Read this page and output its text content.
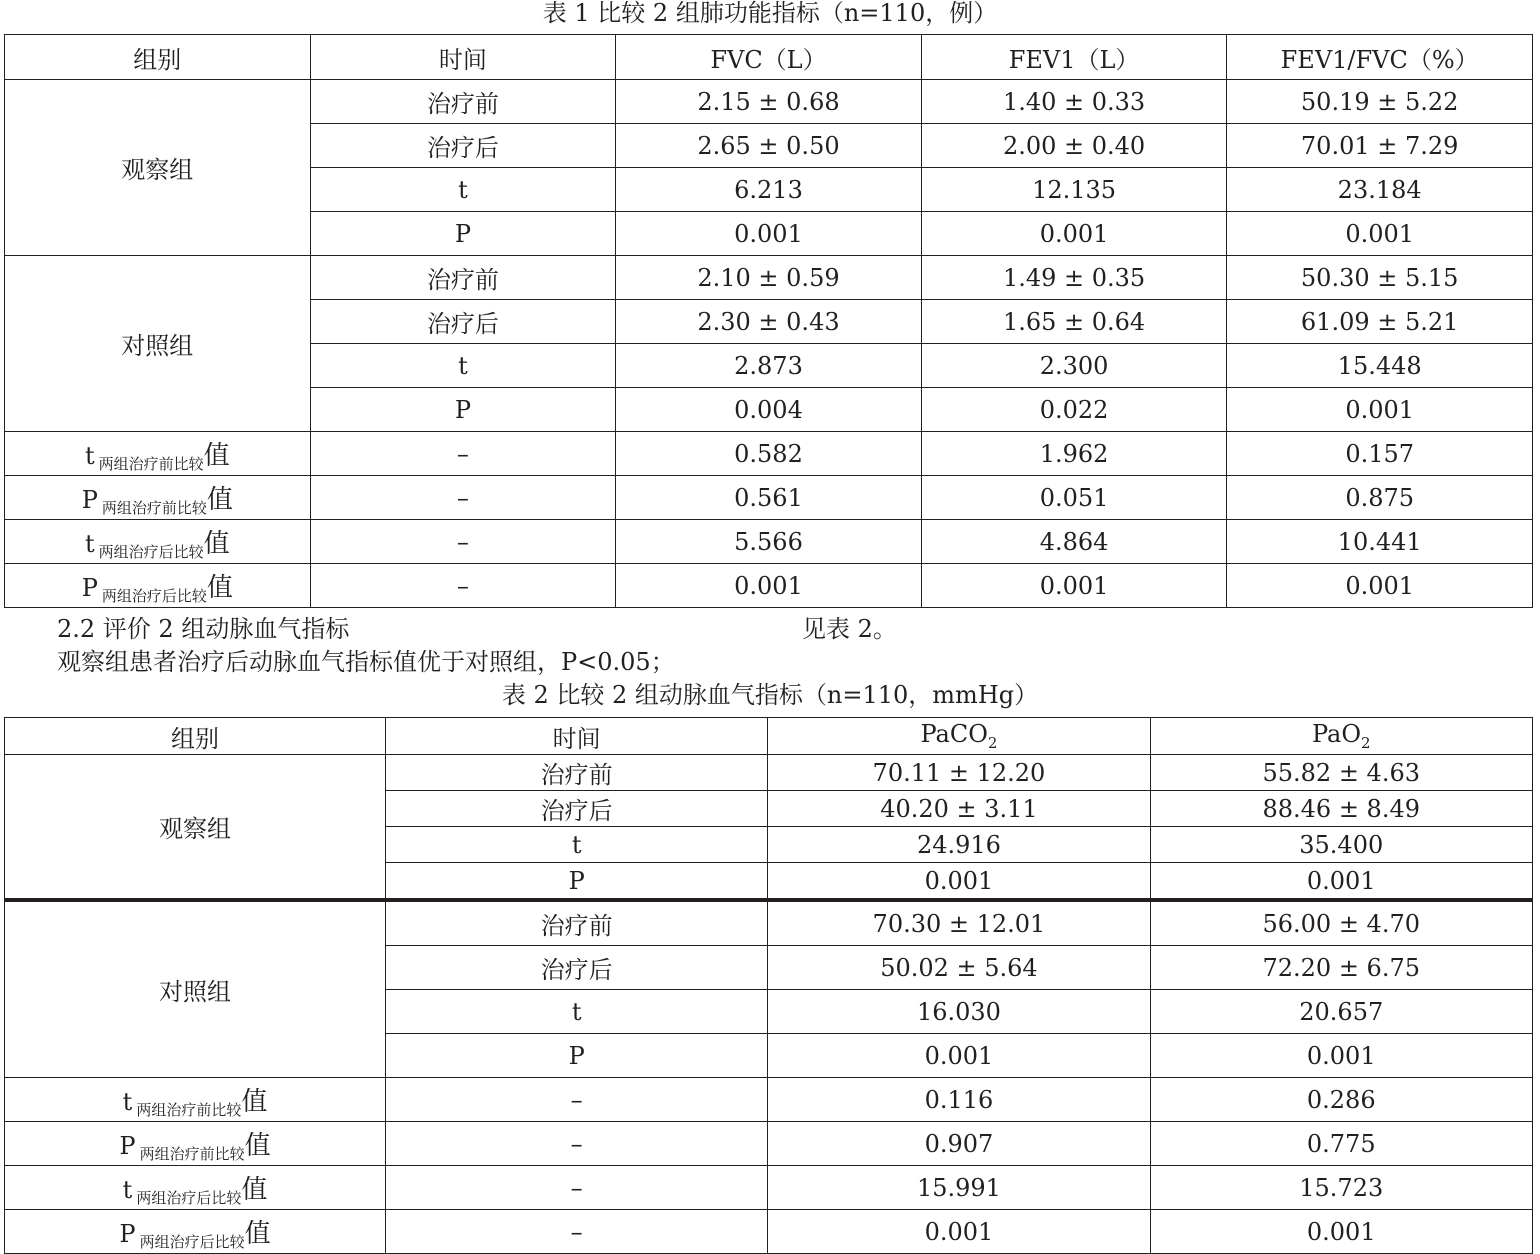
表 1 比较 2 组肺功能指标（n=110，例）
组别	时间	FVC（L）	FEV1（L）	FEV1/FVC（%）
观察组	治疗前	2.15 ± 0.68	1.40 ± 0.33	50.19 ± 5.22
	治疗后	2.65 ± 0.50	2.00 ± 0.40	70.01 ± 7.29
	t	6.213	12.135	23.184
	P	0.001	0.001	0.001
对照组	治疗前	2.10 ± 0.59	1.49 ± 0.35	50.30 ± 5.15
	治疗后	2.30 ± 0.43	1.65 ± 0.64	61.09 ± 5.21
	t	2.873	2.300	15.448
	P	0.004	0.022	0.001
t $_{两组治疗前比较}$值	–	0.582	1.962	0.157
P $_{两组治疗前比较}$值	–	0.561	0.051	0.875
t $_{两组治疗后比较}$值	–	5.566	4.864	10.441
P $_{两组治疗后比较}$值	–	0.001	0.001	0.001
2.2 评价 2 组动脉血气指标	见表 2。
观察组患者治疗后动脉血气指标值优于对照组，P<0.05；
表 2 比较 2 组动脉血气指标（n=110，mmHg）
组别	时间	PaCO$_2$	PaO$_2$
观察组	治疗前	70.11 ± 12.20	55.82 ± 4.63
	治疗后	40.20 ± 3.11	88.46 ± 8.49
	t	24.916	35.400
	P	0.001	0.001
对照组	治疗前	70.30 ± 12.01	56.00 ± 4.70
	治疗后	50.02 ± 5.64	72.20 ± 6.75
	t	16.030	20.657
	P	0.001	0.001
t $_{两组治疗前比较}$值	–	0.116	0.286
P $_{两组治疗前比较}$值	–	0.907	0.775
t $_{两组治疗后比较}$值	–	15.991	15.723
P $_{两组治疗后比较}$值	–	0.001	0.001
